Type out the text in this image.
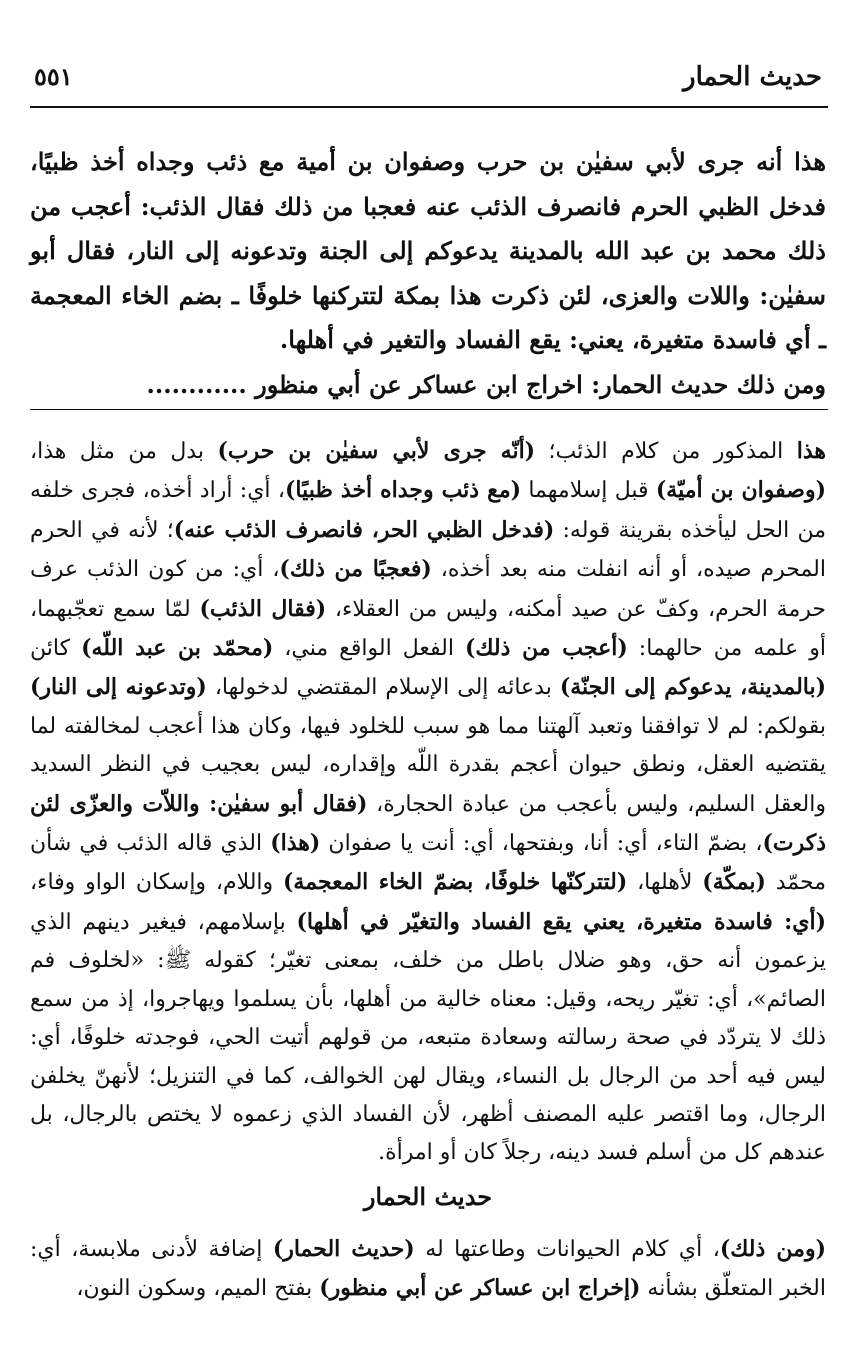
٥٥١	حديث الحمار
هذا أنه جرى لأبي سفيٰن بن حرب وصفوان بن أمية مع ذئب وجداه أخذ ظبيًا، فدخل الظبي الحرم فانصرف الذئب عنه فعجبا من ذلك فقال الذئب: أعجب من ذلك محمد بن عبد الله بالمدينة يدعوكم إلى الجنة وتدعونه إلى النار، فقال أبو سفيٰن: واللات والعزى، لئن ذكرت هذا بمكة لتتركنها خلوفًا ـ بضم الخاء المعجمة ـ أي فاسدة متغيرة، يعني: يقع الفساد والتغير في أهلها.
ومن ذلك حديث الحمار: اخراج ابن عساكر عن أبي منظور ............
هذا المذكور من كلام الذئب؛ (أنّه جرى لأبي سفيٰن بن حرب) بدل من مثل هذا، (وصفوان بن أميّة) قبل إسلامهما (مع ذئب وجداه أخذ ظبيًا)، أي: أراد أخذه، فجرى خلفه من الحل ليأخذه بقرينة قوله: (فدخل الظبي الحر، فانصرف الذئب عنه)؛ لأنه في الحرم المحرم صيده، أو أنه انفلت منه بعد أخذه، (فعجبًا من ذلك)، أي: من كون الذئب عرف حرمة الحرم، وكفّ عن صيد أمكنه، وليس من العقلاء، (فقال الذئب) لمّا سمع تعجّبهما، أو علمه من حالهما: (أعجب من ذلك) الفعل الواقع مني، (محمّد بن عبد اللّه) كائن (بالمدينة، يدعوكم إلى الجنّة) بدعائه إلى الإسلام المقتضي لدخولها، (وتدعونه إلى النار) بقولكم: لم لا توافقنا وتعبد آلهتنا مما هو سبب للخلود فيها، وكان هذا أعجب لمخالفته لما يقتضيه العقل، ونطق حيوان أعجم بقدرة اللّه وإقداره، ليس بعجيب في النظر السديد والعقل السليم، وليس بأعجب من عبادة الحجارة، (فقال أبو سفيٰن: واللاّت والعزّى لئن ذكرت)، بضمّ التاء، أي: أنا، وبفتحها، أي: أنت يا صفوان (هذا) الذي قاله الذئب في شأن محمّد (بمكّة) لأهلها، (لتتركنّها خلوفًا، بضمّ الخاء المعجمة) واللام، وإسكان الواو وفاء، (أي: فاسدة متغيرة، يعني يقع الفساد والتغيّر في أهلها) بإسلامهم، فيغير دينهم الذي يزعمون أنه حق، وهو ضلال باطل من خلف، بمعنى تغيّر؛ كقوله ﷺ: «لخلوف فم الصائم»، أي: تغيّر ريحه، وقيل: معناه خالية من أهلها، بأن يسلموا ويهاجروا، إذ من سمع ذلك لا يتردّد في صحة رسالته وسعادة متبعه، من قولهم أتيت الحي، فوجدته خلوفًا، أي: ليس فيه أحد من الرجال بل النساء، ويقال لهن الخوالف، كما في التنزيل؛ لأنهنّ يخلفن الرجال، وما اقتصر عليه المصنف أظهر، لأن الفساد الذي زعموه لا يختص بالرجال، بل عندهم كل من أسلم فسد دينه، رجلاً كان أو امرأة.
حديث الحمار
(ومن ذلك)، أي كلام الحيوانات وطاعتها له (حديث الحمار) إضافة لأدنى ملابسة، أي: الخبر المتعلّق بشأنه (إخراج ابن عساكر عن أبي منظور) بفتح الميم، وسكون النون،
